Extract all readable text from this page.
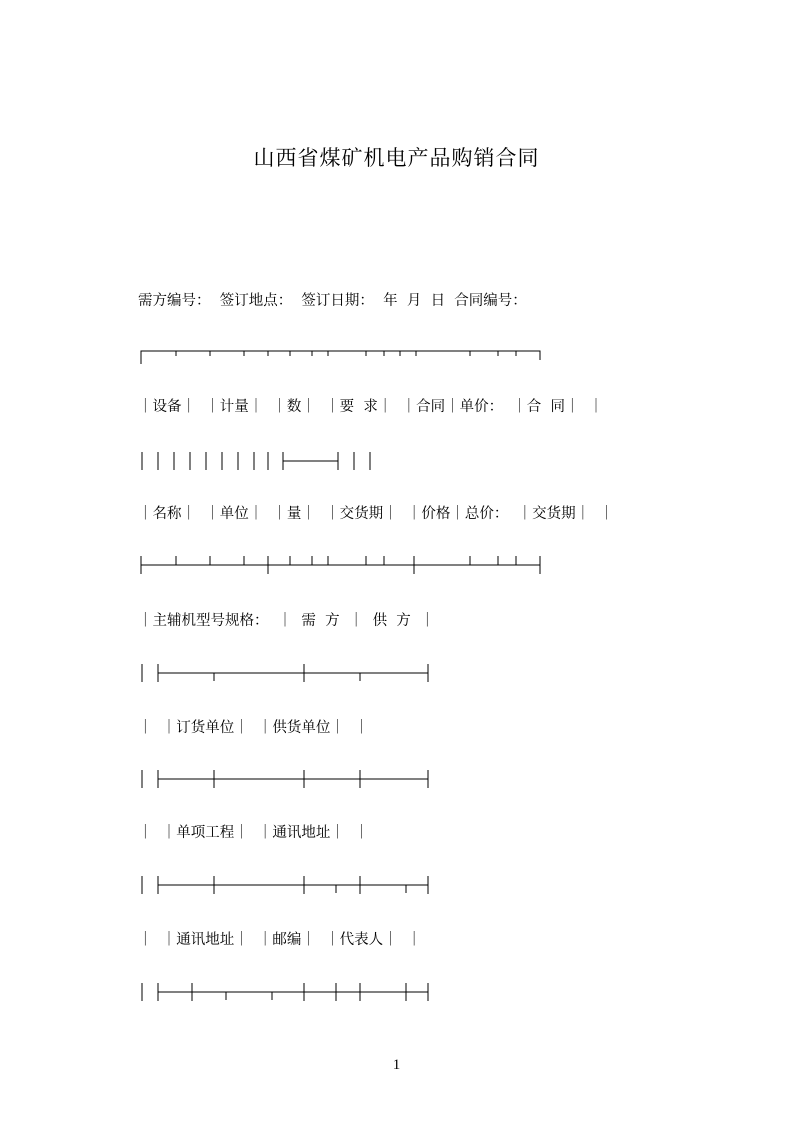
山西省煤矿机电产品购销合同
需方编号：  签订地点：  签订日期：  年  月  日  合同编号：
｜设备｜  ｜计量｜  ｜数｜  ｜要  求｜  ｜合同｜单价：  ｜合  同｜  ｜
｜名称｜  ｜单位｜  ｜量｜  ｜交货期｜  ｜价格｜总价：  ｜交货期｜  ｜
｜主辅机型号规格：  ｜  需  方  ｜  供  方  ｜
｜  ｜订货单位｜  ｜供货单位｜  ｜
｜  ｜单项工程｜  ｜通讯地址｜  ｜
｜  ｜通讯地址｜  ｜邮编｜  ｜代表人｜  ｜
1
